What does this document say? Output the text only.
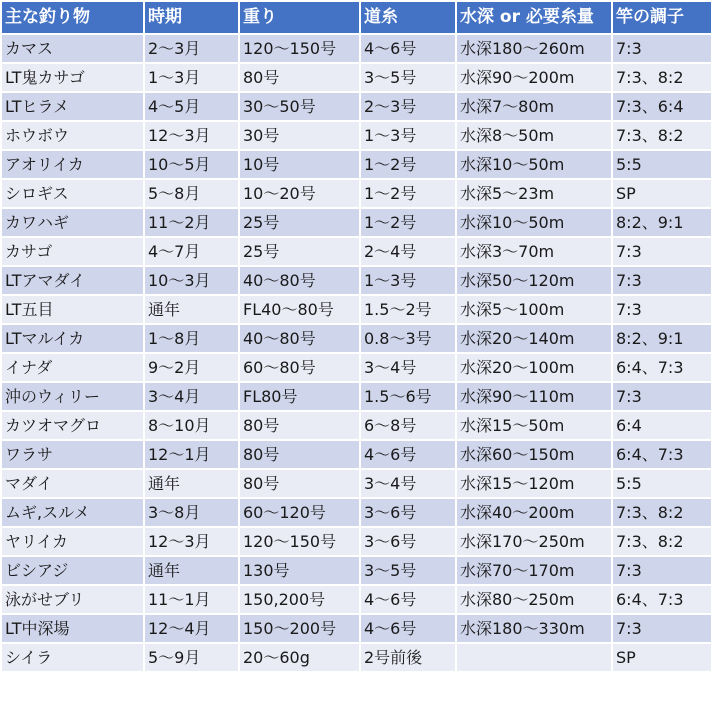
主な釣り物	時期	重り	道糸	水深 or 必要糸量	竿の調子
カマス	2〜3月	120〜150号	4〜6号	水深180〜260m	7:3
LT鬼カサゴ	1〜3月	80号	3〜5号	水深90〜200m	7:3、8:2
LTヒラメ	4〜5月	30〜50号	2〜3号	水深7〜80m	7:3、6:4
ホウボウ	12〜3月	30号	1〜3号	水深8〜50m	7:3、8:2
アオリイカ	10〜5月	10号	1〜2号	水深10〜50m	5:5
シロギス	5〜8月	10〜20号	1〜2号	水深5〜23m	SP
カワハギ	11〜2月	25号	1〜2号	水深10〜50m	8:2、9:1
カサゴ	4〜7月	25号	2〜4号	水深3〜70m	7:3
LTアマダイ	10〜3月	40〜80号	1〜3号	水深50〜120m	7:3
LT五目	通年	FL40〜80号	1.5〜2号	水深5〜100m	7:3
LTマルイカ	1〜8月	40〜80号	0.8〜3号	水深20〜140m	8:2、9:1
イナダ	9〜2月	60〜80号	3〜4号	水深20〜100m	6:4、7:3
沖のウィリー	3〜4月	FL80号	1.5〜6号	水深90〜110m	7:3
カツオマグロ	8〜10月	80号	6〜8号	水深15〜50m	6:4
ワラサ	12〜1月	80号	4〜6号	水深60〜150m	6:4、7:3
マダイ	通年	80号	3〜4号	水深15〜120m	5:5
ムギ,スルメ	3〜8月	60〜120号	3〜6号	水深40〜200m	7:3、8:2
ヤリイカ	12〜3月	120〜150号	3〜6号	水深170〜250m	7:3、8:2
ビシアジ	通年	130号	3〜5号	水深70〜170m	7:3
泳がせブリ	11〜1月	150,200号	4〜6号	水深80〜250m	6:4、7:3
LT中深場	12〜4月	150〜200号	4〜6号	水深180〜330m	7:3
シイラ	5〜9月	20〜60g	2号前後		SP
